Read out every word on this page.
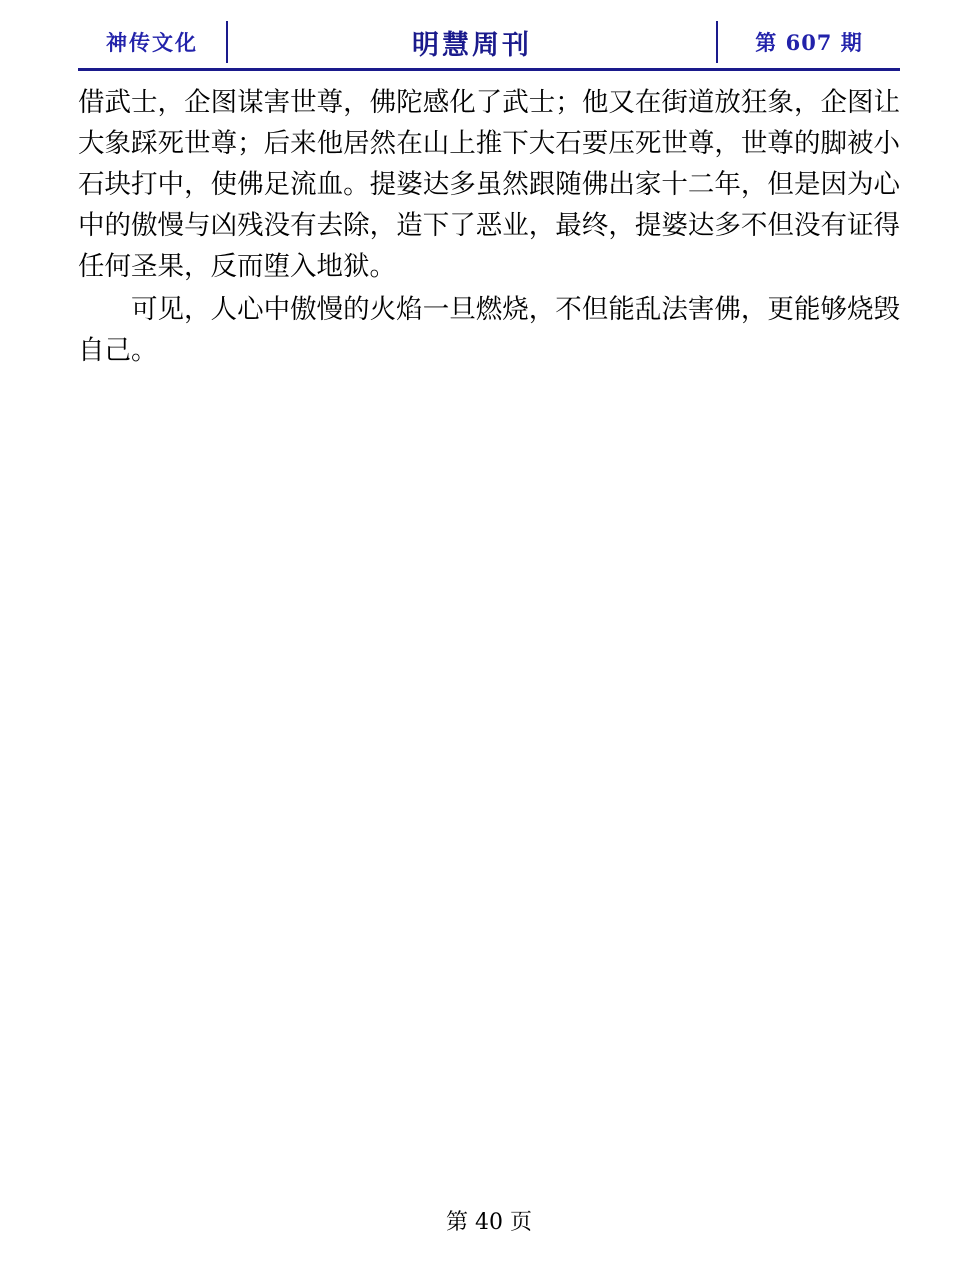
神传文化	明慧周刊	第 607 期

借武士，企图谋害世尊，佛陀感化了武士；他又在街道放狂象，企图让大象踩死世尊；后来他居然在山上推下大石要压死世尊，世尊的脚被小石块打中，使佛足流血。提婆达多虽然跟随佛出家十二年，但是因为心中的傲慢与凶残没有去除，造下了恶业，最终，提婆达多不但没有证得任何圣果，反而堕入地狱。

可见，人心中傲慢的火焰一旦燃烧，不但能乱法害佛，更能够烧毁自己。

第 40 页
